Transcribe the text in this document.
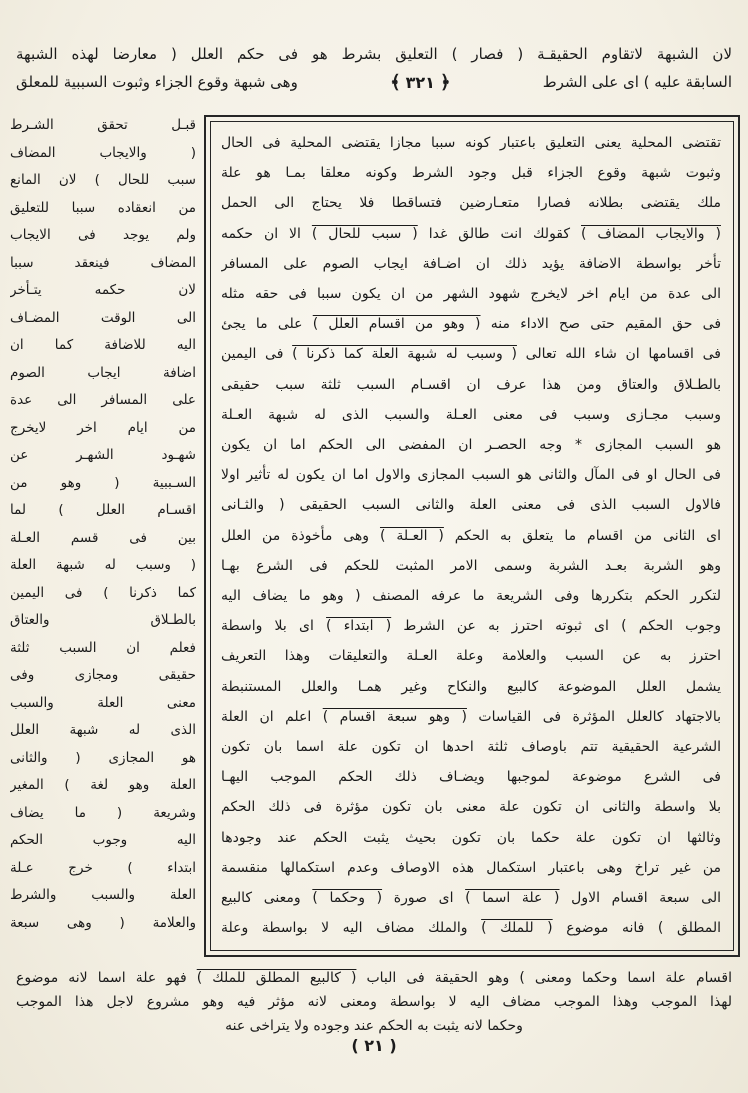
لان الشبهة لاتقاوم الحقيقـة ( فصار ) التعليق بشرط هو فى حكم العلل ( معارضا لهذه الشبهة
السابقة عليه ) اى على الشرط
﴿
٣٢١
﴾
وهى شبهة وقوع الجزاء وثبوت السببية للمعلق
قبـل تحقق الشـرط
( والايجاب المضاف
سبب للحال ) لان المانع
من انعقاده سببا للتعليق
ولم يوجد فى الايجاب
المضاف فينعقد سببا
لان حكمه يتـأخر
الى الوقت المضـاف
اليه للاضافة كما ان
اضافة ايجاب الصوم
على المسافر الى عدة
من ايام اخر لايخرج
شهـود الشهـر عن
السـببية ( وهو من
اقسـام العلل ) لما
بين فى قسم العـلة
( وسبب له شبهة العلة
كما ذكرنا ) فى اليمين
بالطـلاق والعتاق
فعلم ان السبب ثلثة
حقيقى ومجازى وفى
معنى العلة والسبب
الذى له شبهة العلل
هو المجازى ( والثانى
العلة وهو لغة ) المغير
وشريعة ( ما يضاف
اليه وجوب الحكم
ابتداء ) خرج عـلة
العلة والسبب والشرط
والعلامة ( وهى سبعة
تقتضى المحلية يعنى التعليق باعتبار كونه سببا مجازا يقتضى المحلية فى الحال
وثبوت شبهة وقوع الجزاء قبل وجود الشرط وكونه معلقا بمـا هو علة
ملك يقتضى بطلانه فصارا متعـارضين فتساقطا فلا يحتاج الى الحمل
( والايجاب المضاف ) كقولك انت طالق غدا ( سبب للحال ) الا ان حكمه
تأخر بواسطة الاضافة يؤيد ذلك ان اضـافة ايجاب الصوم على المسافر
الى عدة من ايام اخر لايخرج شهود الشهر من ان يكون سببا فى حقه مثله
فى حق المقيم حتى صح الاداء منه ( وهو من اقسام العلل ) على ما يجئ
فى اقسامها ان شاء الله تعالى ( وسبب له شبهة العلة كما ذكرنا ) فى اليمين
بالطـلاق والعتاق ومن هذا عرف ان اقسـام السبب ثلثة سبب حقيقى
وسبب مجـازى وسبب فى معنى العـلة والسبب الذى له شبهة العـلة
هو السبب المجازى * وجه الحصـر ان المفضى الى الحكم اما ان يكون
فى الحال او فى المآل والثانى هو السبب المجازى والاول اما ان يكون له تأثير اولا
فالاول السبب الذى فى معنى العلة والثانى السبب الحقيقى ( والثـانى
اى الثانى من اقسام ما يتعلق به الحكم ( العـلة ) وهى مأخوذة من العلل
وهو الشربة بعـد الشربة وسمى الامر المثبت للحكم فى الشرع بهـا
لتكرر الحكم بتكررها وفى الشريعة ما عرفه المصنف ( وهو ما يضاف اليه
وجوب الحكم ) اى ثبوته احترز به عن الشرط ( ابتداء ) اى بلا واسطة
احترز به عن السبب والعلامة وعلة العـلة والتعليقات وهذا التعريف
يشمل العلل الموضوعة كالبيع والنكاح وغير همـا والعلل المستنبطة
بالاجتهاد كالعلل المؤثرة فى القياسات ( وهو سبعة اقسام ) اعلم ان العلة
الشرعية الحقيقية تتم باوصاف ثلثة احدها ان تكون علة اسما بان تكون
فى الشرع موضوعة لموجبها ويضـاف ذلك الحكم الموجب اليهـا
بلا واسطة والثانى ان تكون علة معنى بان تكون مؤثرة فى ذلك الحكم
وثالثها ان تكون علة حكما بان تكون بحيث يثبت الحكم عند وجودها
من غير تراخ وهى باعتبار استكمال هذه الاوصاف وعدم استكمالها منقسمة
الى سبعة اقسام الاول ( علة اسما ) اى صورة ( وحكما ) ومعنى كالبيع
المطلق ) فانه موضوع ( للملك ) والملك مضاف اليه لا بواسطة وعلة
اقسام علة اسما وحكما ومعنى ) وهو الحقيقة فى الباب ( كالبيع المطلق للملك ) فهو علة اسما لانه موضوع
لهذا الموجب وهذا الموجب مضاف اليه لا بواسطة ومعنى لانه مؤثر فيه وهو مشروع لاجل هذا الموجب
وحكما لانه يثبت به الحكم عند وجوده ولا يتراخى عنه
( ٢١ )
